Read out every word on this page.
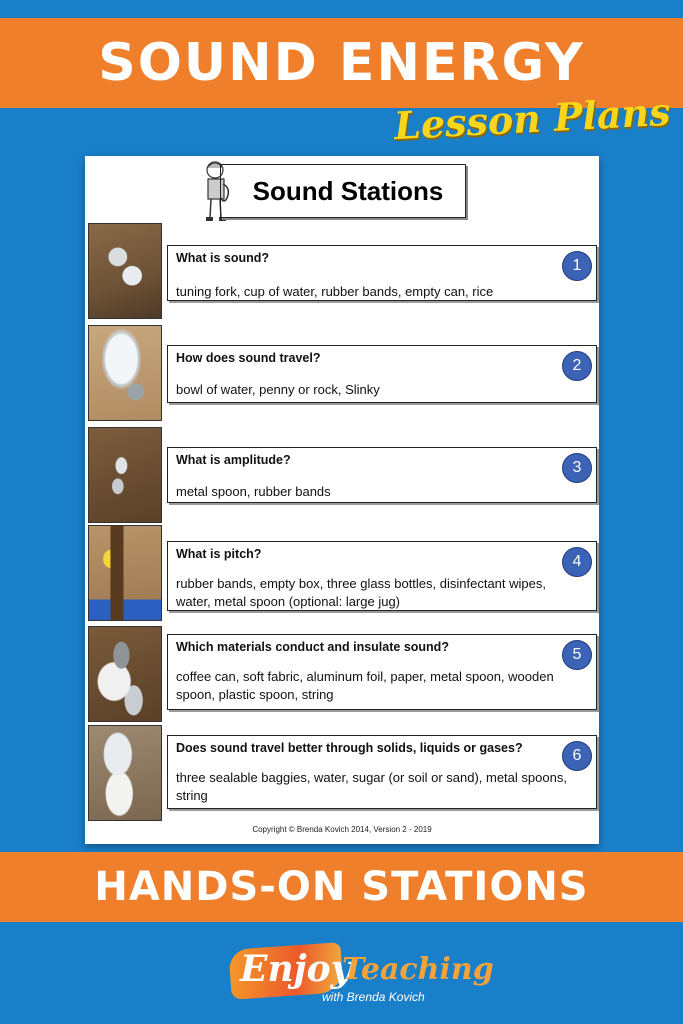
SOUND ENERGY
Lesson Plans
Sound Stations
What is sound?
tuning fork, cup of water, rubber bands, empty can, rice
1
How does sound travel?
bowl of water, penny or rock, Slinky
2
What is amplitude?
metal spoon, rubber bands
3
What is pitch?
rubber bands, empty box, three glass bottles, disinfectant wipes, water, metal spoon (optional: large jug)
4
Which materials conduct and insulate sound?
coffee can, soft fabric, aluminum foil, paper, metal spoon, wooden spoon, plastic spoon, string
5
Does sound travel better through solids, liquids or gases?
three sealable baggies, water, sugar (or soil or sand), metal spoons, string
6
Copyright © Brenda Kovich 2014, Version 2 - 2019
HANDS-ON STATIONS
Enjoy
Teaching
with Brenda Kovich
